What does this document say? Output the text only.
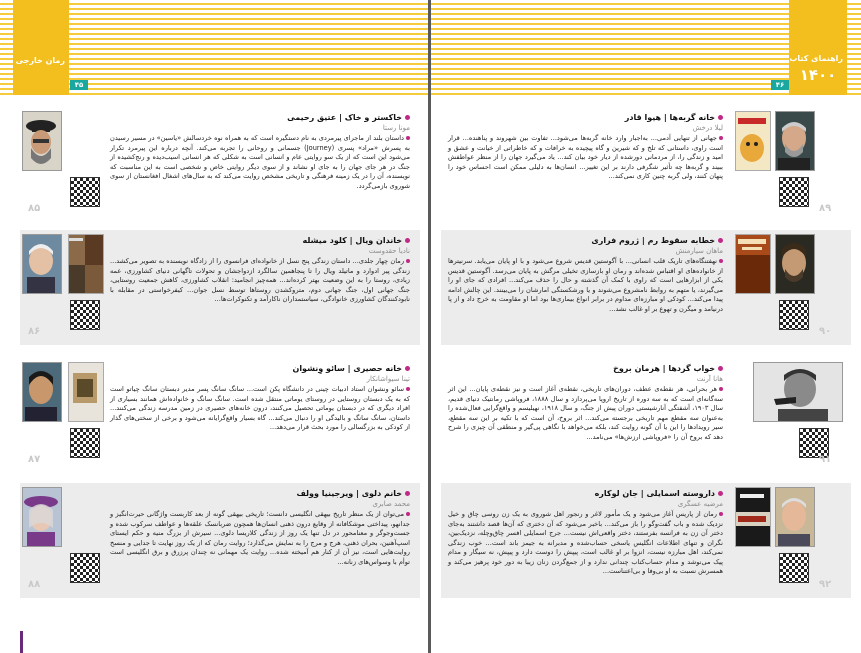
رمان خارجی
۴۵
۸۵
خاکستر و خاک | عتیق رحیمی
مونا رستا
داستان بلند از ماجرای پیرمردی به نام دستگیره است که به همراه نوه خردسالش «یاسین» در مسیر رسیدن به پسرش «مراد» پسری (Journey) جسمانی و روحانی را تجربه می‌کند. آنچه درباره این پیرمرد تکرار می‌شود این است که از یک سو روایتی عام و انسانی است به شکلی که هر انسانی اسیب‌دیده و رنج‌کشیده از جنگ در هر جای جهان را به جای او نشاند و از سوی دیگر روایتی خاص و شخصی است به این مناسبت که نویسنده، آن را در یک زمینه فرهنگی و تاریخی مشخص روایت می‌کند که به سال‌های اشغال افغانستان از سوی شوروی بازمی‌گردد.
۸۶
خاندان ویال | کلود میشله
نادیا حقدوست
رمان چهار جلدی... داستان زندگی پنج نسل از خانواده‌ای فرانسوی را از زادگاه نویسنده به تصویر می‌کشد... زندگی پیر ادوارد و ماتیلد ویال را تا پنجاهمین سالگرد ازدواجشان و تحولات تاگهانی دنیای کشاورزی، عمه زیادی، روستا را به این وضعیت بهتر کرده‌اند... همه‌چیز انجامید: انقلاب کشاورزی، کاهش جمعیت روستایی، جنگ جهانی اول، جنگ جهانی دوم، مترو‌کشدن روستاها توسط نسل جوان... کیفرخواستی در مقابله با نابودکنندگان کشاورزی خانوادگی، سیاستمداران ناکارآمد و تکنوکرات‌ها...
۸۷
خانه حصیری | سائو وِنشوان
تینا سیواشانکار
سائو ونشوان استاد ادبیات چینی در دانشگاه پکن است... سانگ سانگ پسر مدیر دبستان سانگ چیاتو است که به یک دبستان روستایی در روستای یوماتی منتقل شده است. سانگ سانگ و خانواده‌اش همانند بسیاری از افراد دیگری که در دبستان یوماتی تحصیل می‌کنند، درون خانه‌های حصیری در زمین مدرسه زندگی می‌کنند... داستان، سانگ سانگ و بالیدگی او را دنبال می‌کند... گاه بسیار واقع‌گرایانه می‌شود و برخی از سختی‌های گذار از کودکی به بزرگسالی را مورد بحث قرار می‌دهد...
۸۸
خانم دلوی | ویرجینیا وولف
محمد صابری
می‌توان از یک منظر تاریخ بیهقی انگلیسی دانست؛ تاریخی بیهقی گونه از بعد کاربست واژگانی حیرت‌انگیز و جدا‌نهو، پیداختی موشکافانه از وقایع درون ذهنی انسان‌ها همچون ضربانسک علقه‌ها و عواطف سرکوب شده و جست‌وجوگر و معنامحور در دل تنها یک روز از زندگی کلاریسا دلوی... سیرش از بزرگ منیه و حکم ایستای اسپ‌آهنین، بحران ذهنی، هرج و مرج را به نمایش می‌گذارد؛ روایت رمان که از یک روز نهایت تا جدایی و منسخ روایت‌هایی است، نیز آن از کنار هم آمیخته شده... روایت یک مهمانی نه چندان پرزرق و برق انگلیسی است توأم با وسواس‌های زنانه...
راهنمای کتاب
۱۴۰۰
۴۶
۸۹
خانه گربه‌ها | هیوا قادر
لیلا درخش
جهانی از تنهایی آدمی... به‌اجبار وارد خانه گربه‌ها می‌شود... تفاوت بین شهروند و پناهنده... قرار است راوی، داستانی که تلخ و که شیرین و گاه پیچیده به خرافات و که خاطراتی از خیانت و عشق و امید و زندگی را، از مردمانی دورشده از دیار خود بیان کند... یاد می‌گیرد جهان را از منظر عواطفش ببیند و گربه‌ها چه تأثیر شگرفی دارند بر این تغییر... انسان‌ها به دلیلی ممکن است احساس خود را پنهان کنند، ولی گربه چنین کاری نمی‌کند...
۹۰
خطابه سقوط رم | ژروم فراری
ماهان سیارمنش
نهفتنگاه‌های تاریک قلب انسانی... با آگوستین قدیس شروع می‌شود و با او پایان می‌یابد. سرنیترها از خانواده‌های او اقتباس شده‌اند و رمان او بازسازی تخیلی مرگش به پایان می‌رسد. آگوستین قدیس یکی از ابزارهایی است که راوی با کمک آن گذشته و حال را حذف می‌کند... افرادی که جای او را می‌گیرند، یا متهم به روابط نامشروع می‌شوند و یا ورشکستگی امارشان را می‌بینند. این چالش ادامه پیدا می‌کند... کودکی او مبارزه‌ای مداوم در برابر انواع بیماری‌ها بود اما او مقاومت به خرج داد و از پا درنیامد و میگرن و تهوع بر او غالب نشد...
۹۱
خواب گردها | هرمان بروخ
هانا آرنت
هر بحرانی، هر نقطه‌ی عطف، دوران‌های تاریخی، نقطه‌ی آغاز است و نیز نقطه‌ی پایان... این اثر سه‌گانه‌ای است که به سه دوره از تاریخ اروپا می‌پردازد و سال ۱۸۸۸، فروپاشی رمانتیک دنیای قدیم، سال ۱۹۰۳، آشفتگی آنارشیستی دوران پیش از جنگ، و سال ۱۹۱۸، نهیلیسم و واقع‌گرایی فعال‌شده را به‌عنوان سه مقطع مهم تاریخی برجسته می‌کند... اثر بروخ، آن است که با تکیه بر این سه مقطع، سیر رویدادها را این یا آن گونه روایت کند، بلکه می‌خواهد با نگاهی پی‌گیر و منطقی آن چیزی را شرح دهد که بروخ آن را «فروپاشی ارزش‌ها» می‌نامد...
۹۲
داروسته اسمایلی | جان لوکاره
مرضیه عسگری
رمان از پاریس آغاز می‌شود و یک مأمور لاغر و رنجور اهل شوروی به یک زن روسی چاق و خیل نزدیک شده و باب گفت‌وگو را باز می‌کند... باخبر می‌شود که آن دختری که آن‌ها قصد داشتند به‌جای دختر آن زن به فرانسه بفرستند، دختر واقعی‌اش نیست... جرج اسمایلی افسر چاق‌وچله، نزدیک‌بین، نگران و تنهای اطلاعات انگلیس یاسخی حساب‌شده و مدبرانه به جیمز باند است... خوب زندگی نمی‌کند، اهل مبارزه نیست، انزوا بر او غالب است، پیپش را دوست دارد و پیپش، نه سیگار و مدام پیک می‌نوشد و مدام حساب‌کتاب چندانی ندارد و از جمع‌گردن زنان زیبا به دور خود پرهیز می‌کند و همسرش نسبت به او بی‌وفا و بی‌اعتناست...
